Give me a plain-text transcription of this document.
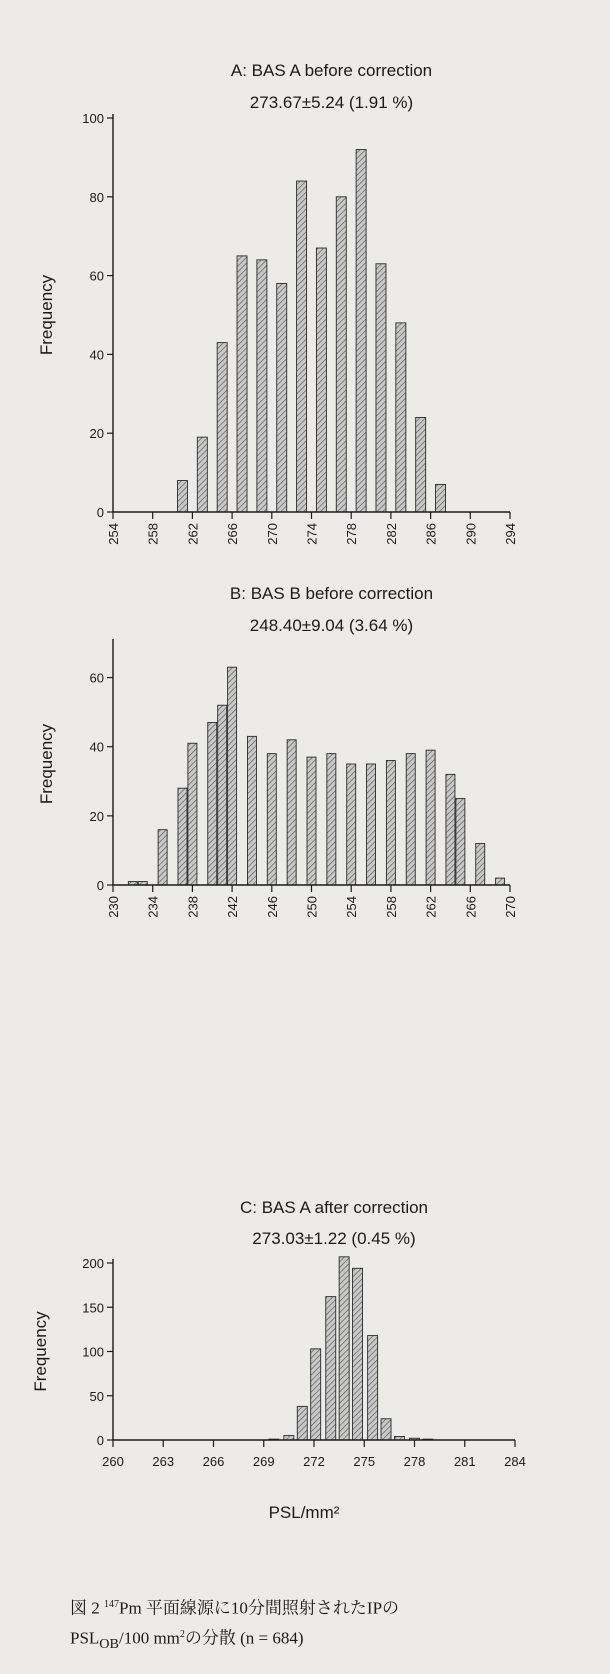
A: BAS A before correction
273.67±5.24 (1.91 %)
0
20
40
60
80
100
254 258 262 266 270 274 278 282 286 290 294
Frequency
B: BAS B before correction
248.40±9.04 (3.64 %)
0
20
40
60
230 234 238 242 246 250 254 258 262 266 270
Frequency
C: BAS A after correction
273.03±1.22 (0.45 %)
0
50
100
150
200
260 263 266 269 272 275 278 281 284
Frequency
PSL/mm²
図 2 $^{147}$Pm 平面線源に10分間照射されたIPの
$PSL_{OB}/100$ $mm^2$の分散 (n = 684)
